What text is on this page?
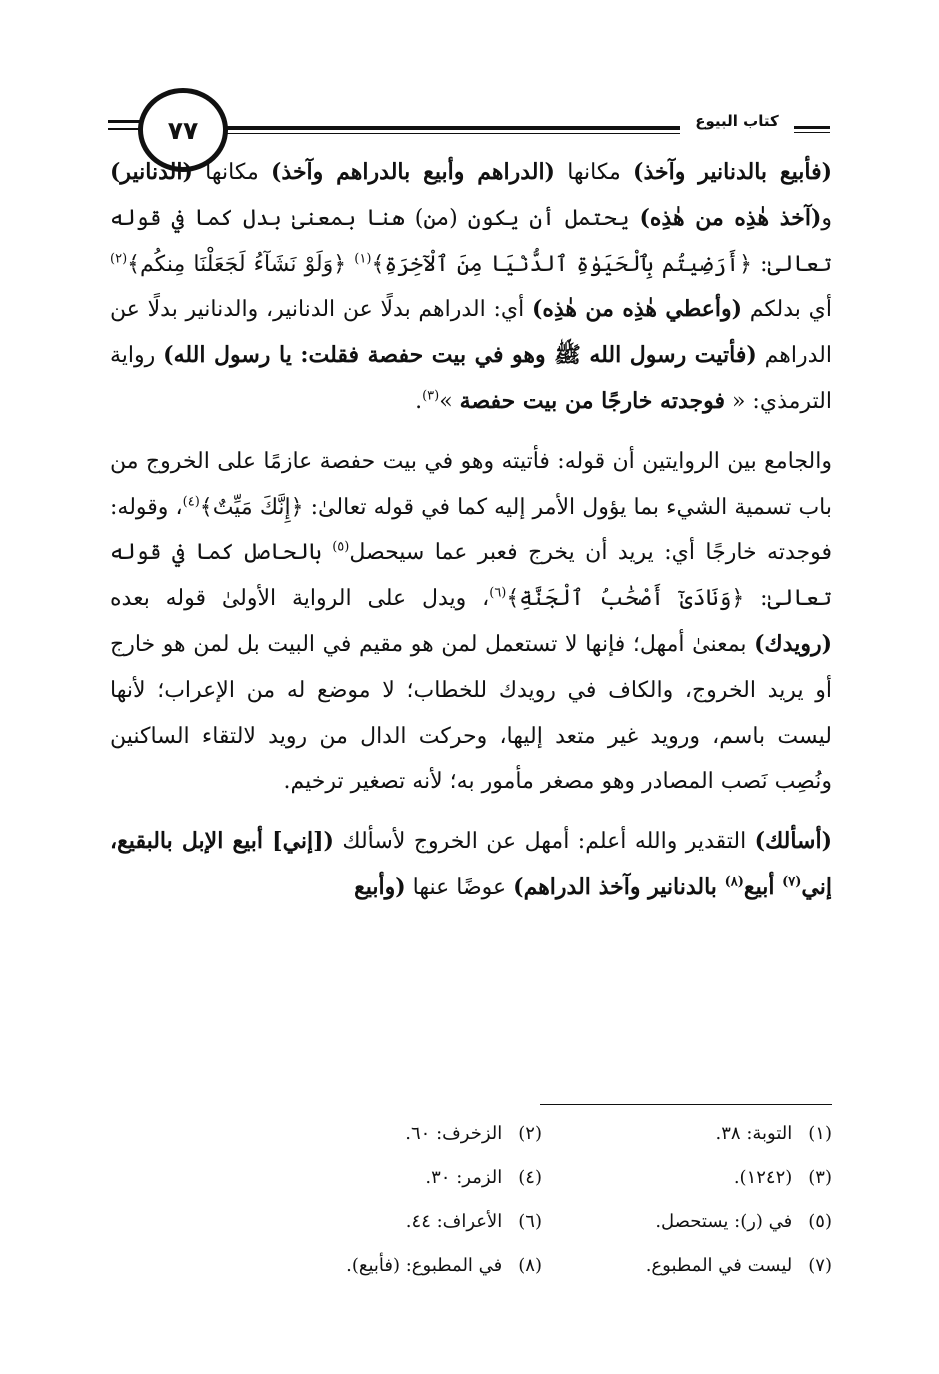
٧٧	كتاب البيوع

(فأبيع بالدنانير وآخذ) مكانها (الدراهم وأبيع بالدراهم وآخذ) مكانها (الدنانير) و(آخذ هٰذِه من هٰذِه) يحتمل أن يكون (من) هنا بمعنىٰ بدل كما في قوله تعالىٰ: ﴿أَرَضِيتُم بِٱلْحَيَوٰةِ ٱلدُّنْيَا مِنَ ٱلْآخِرَةِ﴾$^{(١)}$ ﴿وَلَوْ نَشَآءُ لَجَعَلْنَا مِنكُم﴾$^{(٢)}$ أي بدلكم (وأعطي هٰذِه من هٰذِه) أي: الدراهم بدلًا عن الدنانير، والدنانير بدلًا عن الدراهم (فأتيت رسول الله ﷺ وهو في بيت حفصة فقلت: يا رسول الله) رواية الترمذي: « فوجدته خارجًا من بيت حفصة »$^{(٣)}$.

والجامع بين الروايتين أن قوله: فأتيته وهو في بيت حفصة عازمًا على الخروج من باب تسمية الشيء بما يؤول الأمر إليه كما في قوله تعالىٰ: ﴿إِنَّكَ مَيِّتٌ﴾$^{(٤)}$، وقوله: فوجدته خارجًا أي: يريد أن يخرج فعبر عما سيحصل$^{(٥)}$ بالحاصل كما في قوله تعالىٰ: ﴿وَنَادَىٰٓ أَصْحَٰبُ ٱلْجَنَّةِ﴾$^{(٦)}$، ويدل على الرواية الأولىٰ قوله بعده (رويدك) بمعنىٰ أمهل؛ فإنها لا تستعمل لمن هو مقيم في البيت بل لمن هو خارج أو يريد الخروج، والكاف في رويدك للخطاب؛ لا موضع له من الإعراب؛ لأنها ليست باسم، ورويد غير متعد إليها، وحركت الدال من رويد لالتقاء الساكنين ونُصِب نَصب المصادر وهو مصغر مأمور به؛ لأنه تصغير ترخيم.

(أسألك) التقدير والله أعلم: أمهل عن الخروج لأسألك ([إني] أبيع الإبل بالبقيع، إني$^{(٧)}$ أبيع$^{(٨)}$ بالدنانير وآخذ الدراهم) عوضًا عنها (وأبيع

(١) التوبة: ٣٨.
(٢) الزخرف: ٦٠.
(٣) (١٢٤٢).
(٤) الزمر: ٣٠.
(٥) في (ر): يستحصل.
(٦) الأعراف: ٤٤.
(٧) ليست في المطبوع.
(٨) في المطبوع: (فأبيع).
